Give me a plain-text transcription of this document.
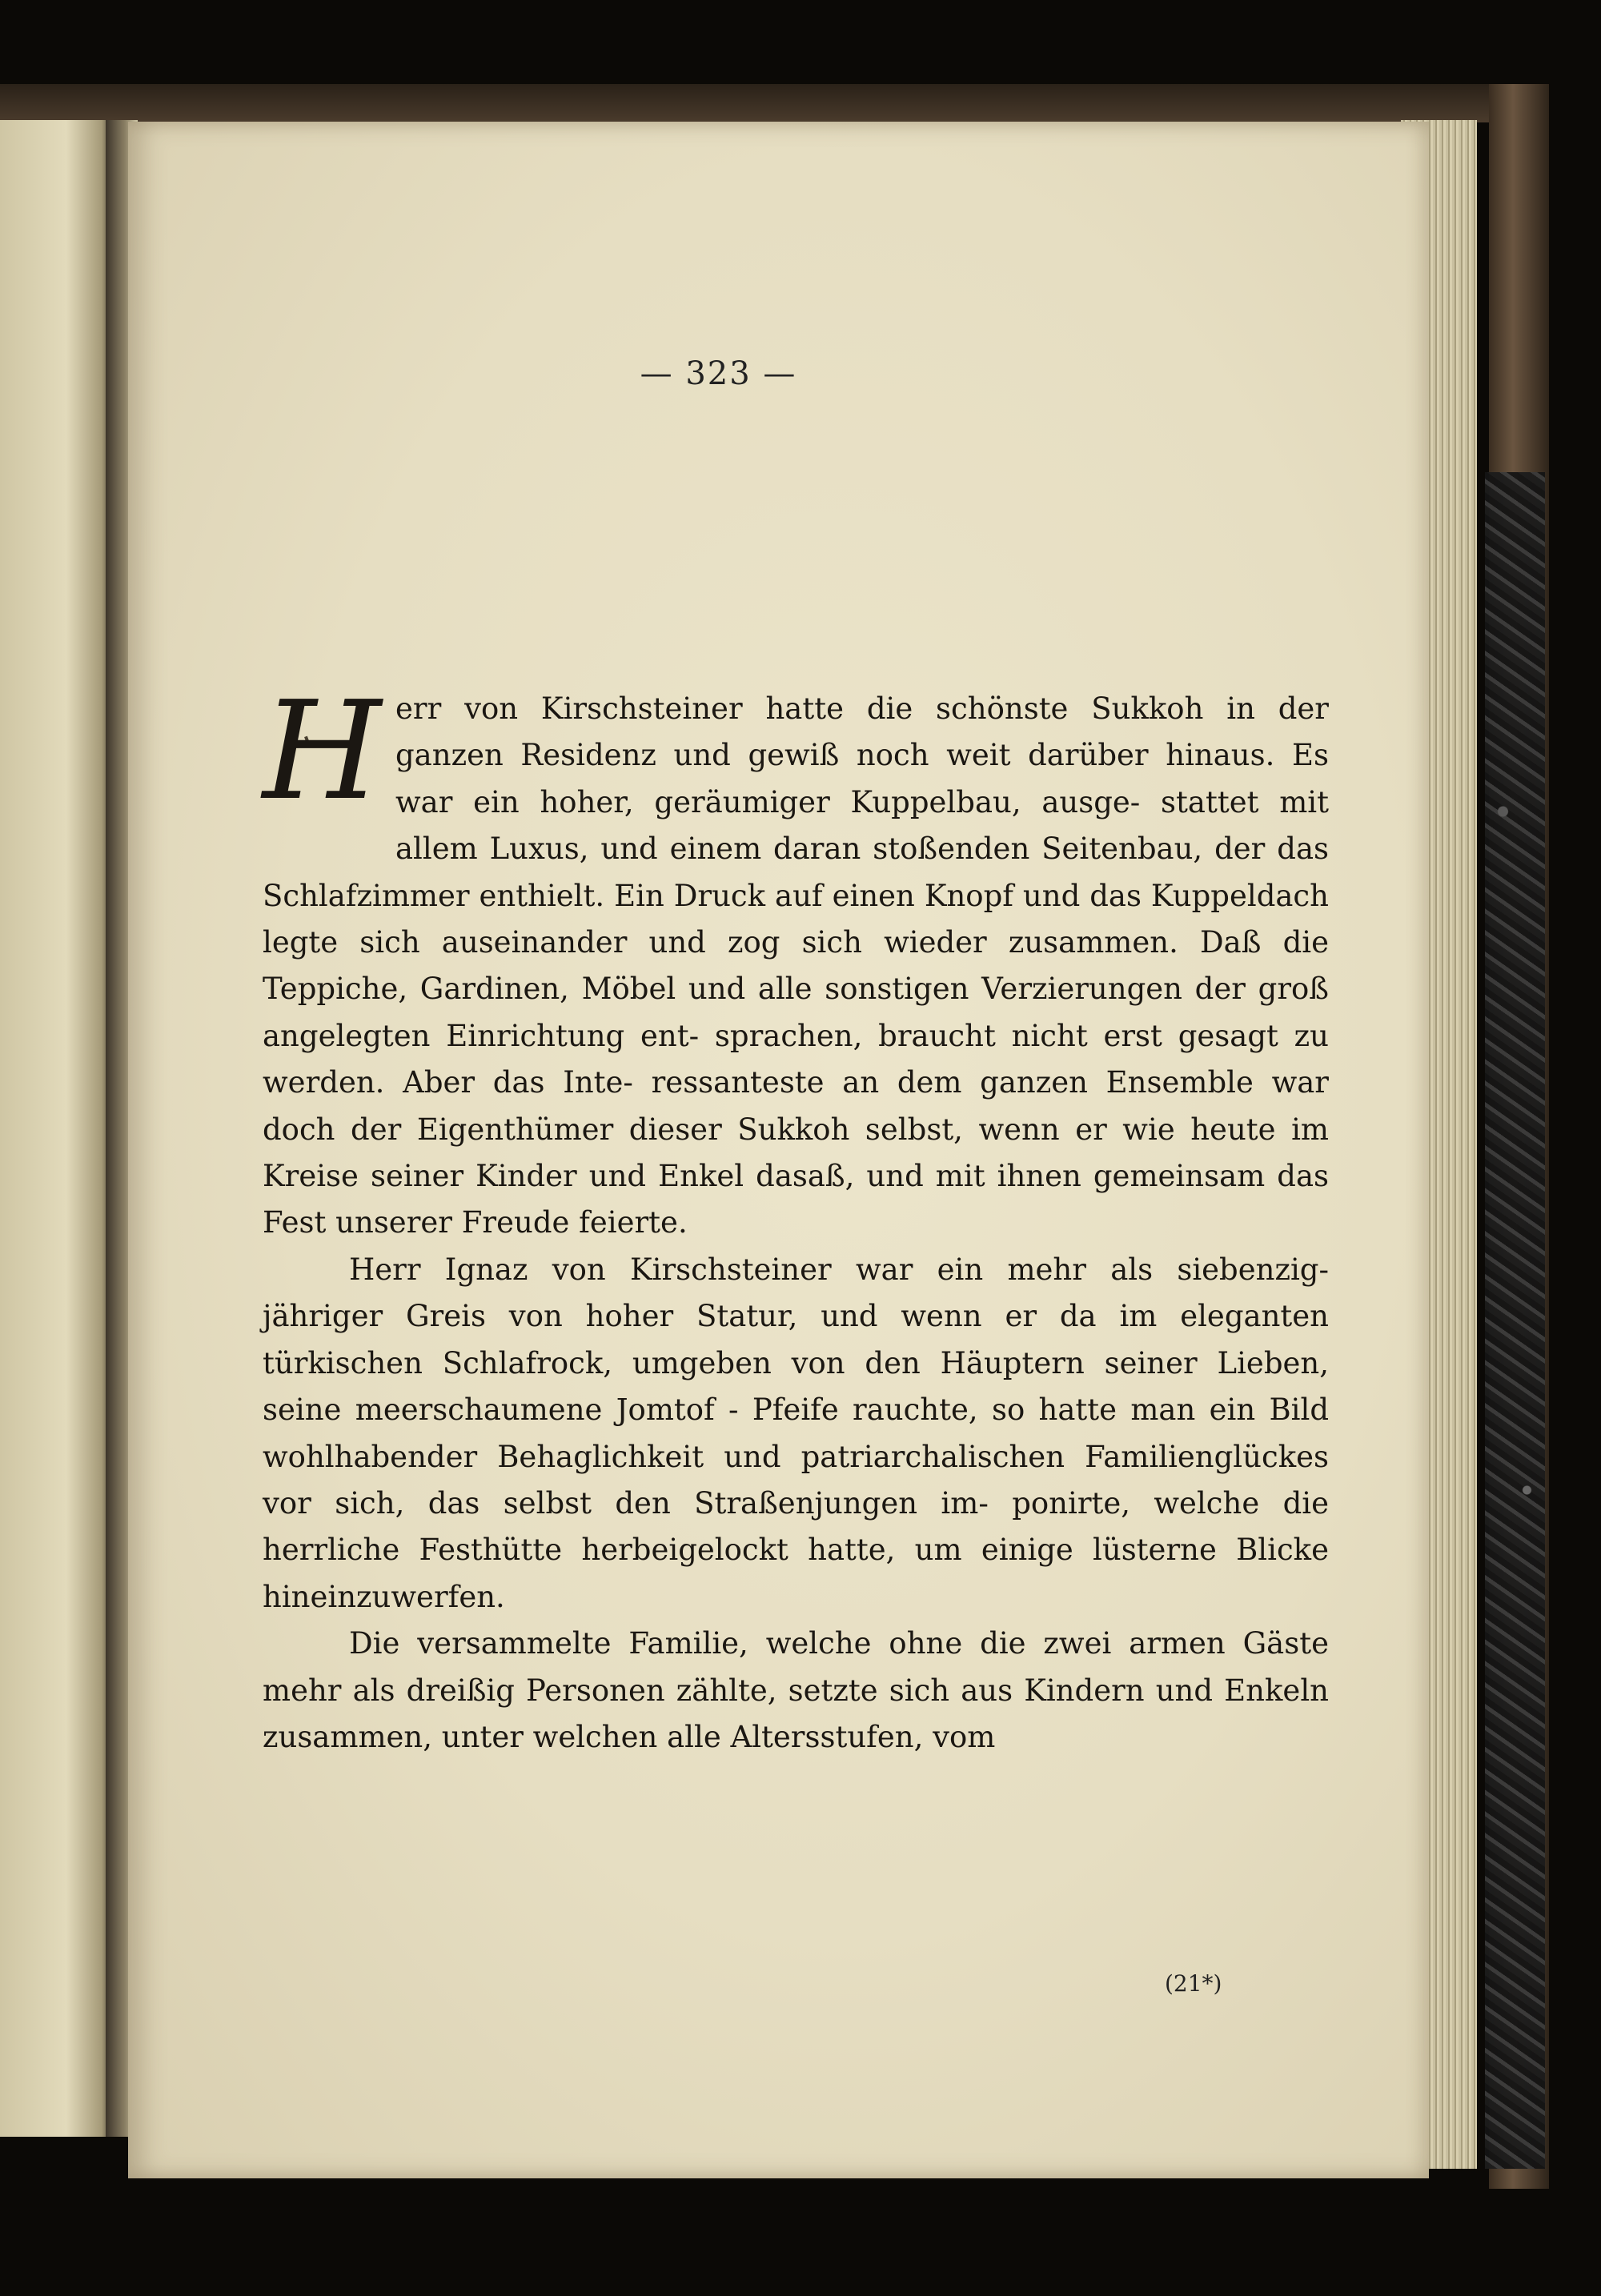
— 323 —

H err von Kirschsteiner hatte die schönste Sukkoh in der ganzen Residenz und gewiß noch weit darüber hinaus. Es war ein hoher, geräumiger Kuppelbau, ausge- stattet mit allem Luxus, und einem daran stoßenden Seitenbau, der das Schlafzimmer enthielt. Ein Druck auf einen Knopf und das Kuppeldach legte sich auseinander und zog sich wieder zusammen. Daß die Teppiche, Gardinen, Möbel und alle sonstigen Verzierungen der groß angelegten Einrichtung ent- sprachen, braucht nicht erst gesagt zu werden. Aber das Inte- ressanteste an dem ganzen Ensemble war doch der Eigenthümer dieser Sukkoh selbst, wenn er wie heute im Kreise seiner Kinder und Enkel dasaß, und mit ihnen gemeinsam das Fest unserer Freude feierte.

Herr Ignaz von Kirschsteiner war ein mehr als siebenzig- jähriger Greis von hoher Statur, und wenn er da im eleganten türkischen Schlafrock, umgeben von den Häuptern seiner Lieben, seine meerschaumene Jomtof - Pfeife rauchte, so hatte man ein Bild wohlhabender Behaglichkeit und patriarchalischen Familienglückes vor sich, das selbst den Straßenjungen im- ponirte, welche die herrliche Festhütte herbeigelockt hatte, um einige lüsterne Blicke hineinzuwerfen.

Die versammelte Familie, welche ohne die zwei armen Gäste mehr als dreißig Personen zählte, setzte sich aus Kindern und Enkeln zusammen, unter welchen alle Altersstufen, vom

(21*)
